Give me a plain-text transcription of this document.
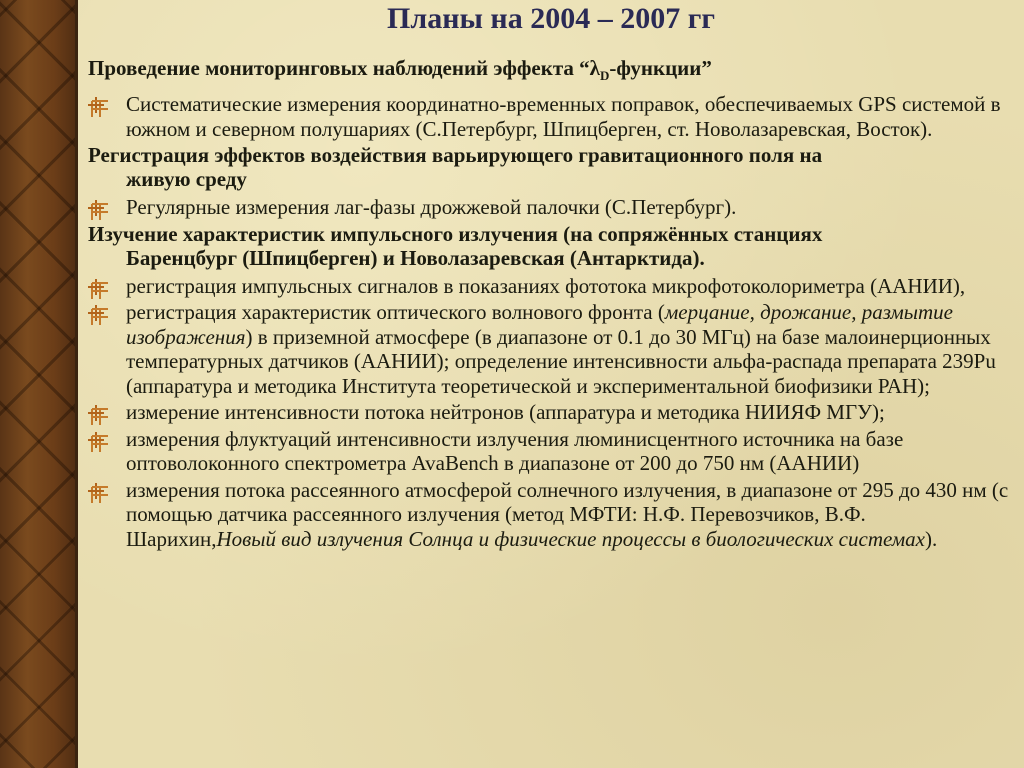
Планы на 2004 – 2007 гг
Проведение мониторинговых наблюдений эффекта “$\lambda_D$-функции”
Систематические измерения координатно-временных поправок, обеспечиваемых GPS системой в южном и северном полушариях (С.Петербург, Шпицберген, ст. Новолазаревская, Восток).
Регистрация эффектов воздействия варьирующего гравитационного поля на
живую среду
Регулярные измерения лаг-фазы дрожжевой палочки (С.Петербург).
Изучение характеристик импульсного излучения (на сопряжённых станциях
Баренцбург (Шпицберген) и Новолазаревская (Антарктида).
регистрация импульсных сигналов в показаниях фототока микрофотоколориметра (ААНИИ),
регистрация характеристик оптического волнового фронта (мерцание, дрожание, размытие изображения) в приземной атмосфере (в диапазоне от 0.1 до 30 МГц) на базе малоинерционных температурных датчиков (ААНИИ); определение интенсивности альфа-распада препарата 239Pu (аппаратура и методика Института теоретической и экспериментальной биофизики РАН);
измерение интенсивности потока нейтронов (аппаратура и методика НИИЯФ МГУ);
измерения флуктуаций интенсивности излучения люминисцентного источника на базе оптоволоконного спектрометра AvaBench в диапазоне от 200 до 750 нм (ААНИИ)
измерения потока рассеянного атмосферой солнечного излучения, в диапазоне от 295 до 430 нм (с помощью датчика рассеянного излучения (метод МФТИ: Н.Ф. Перевозчиков, В.Ф. Шарихин,Новый вид излучения Солнца и физические процессы в биологических системах).
